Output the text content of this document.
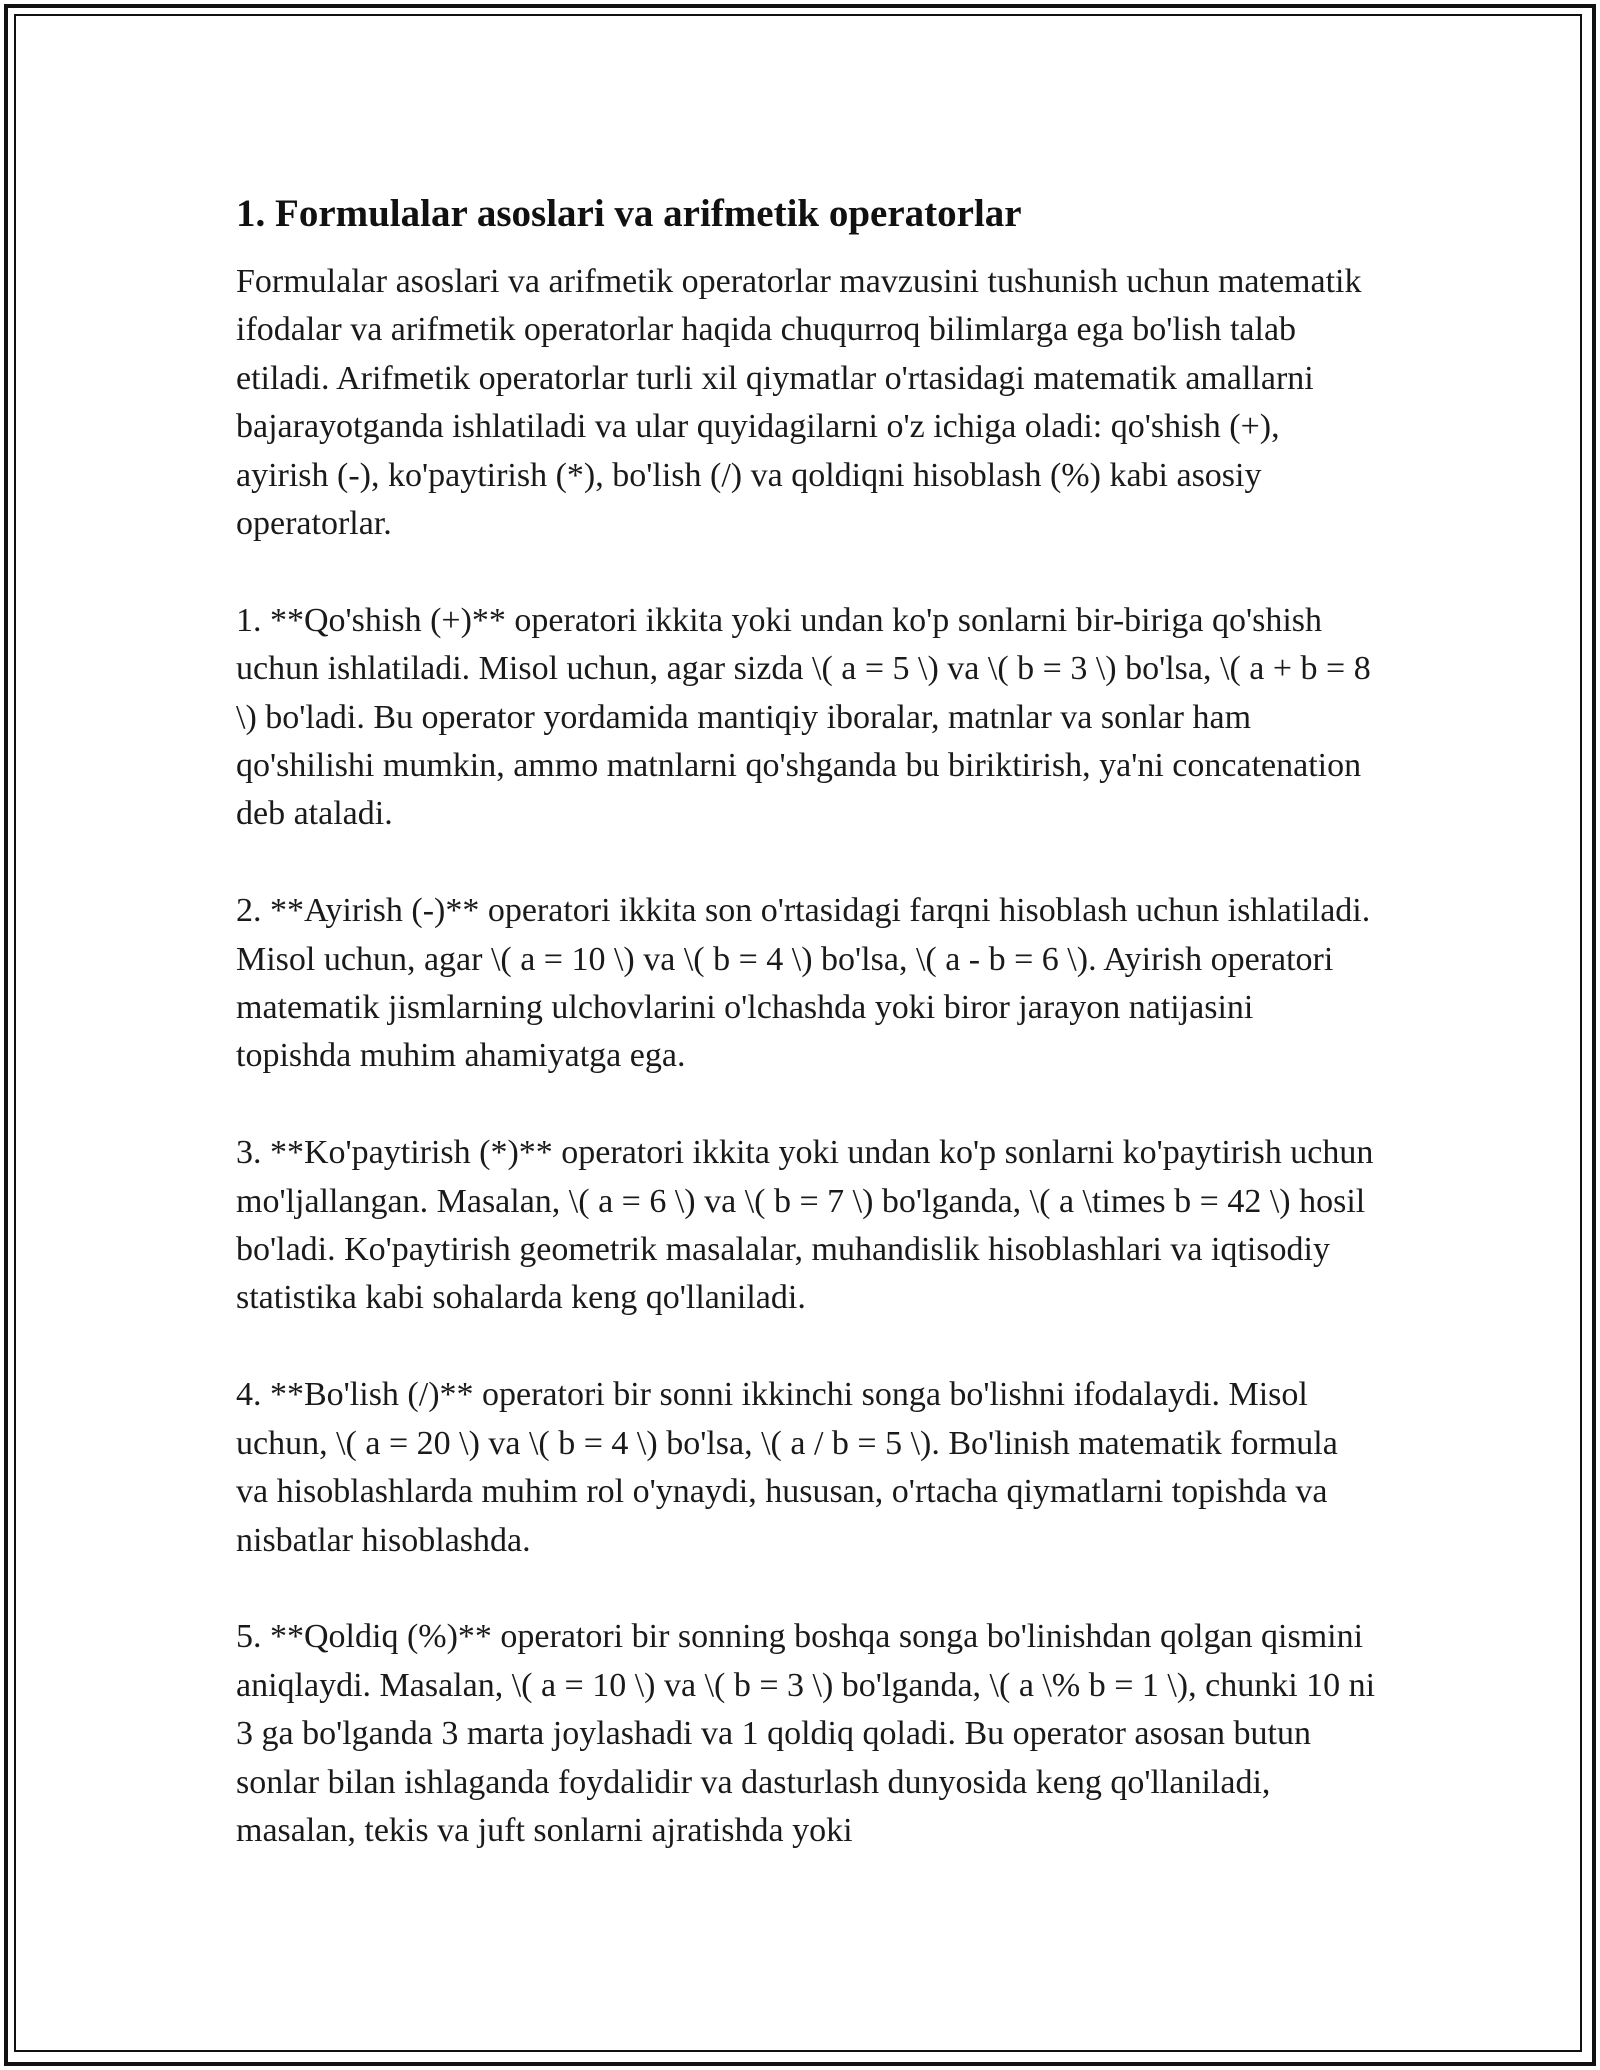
1. Formulalar asoslari va arifmetik operatorlar

Formulalar asoslari va arifmetik operatorlar mavzusini tushunish uchun matematik ifodalar va arifmetik operatorlar haqida chuqurroq bilimlarga ega bo'lish talab etiladi. Arifmetik operatorlar turli xil qiymatlar o'rtasidagi matematik amallarni bajarayotganda ishlatiladi va ular quyidagilarni o'z ichiga oladi: qo'shish (+), ayirish (-), ko'paytirish (*), bo'lish (/) va qoldiqni hisoblash (%) kabi asosiy operatorlar.

1. **Qo'shish (+)** operatori ikkita yoki undan ko'p sonlarni bir-biriga qo'shish uchun ishlatiladi. Misol uchun, agar sizda \( a = 5 \) va \( b = 3 \) bo'lsa, \( a + b = 8 \) bo'ladi. Bu operator yordamida mantiqiy iboralar, matnlar va sonlar ham qo'shilishi mumkin, ammo matnlarni qo'shganda bu biriktirish, ya'ni concatenation deb ataladi.

2. **Ayirish (-)** operatori ikkita son o'rtasidagi farqni hisoblash uchun ishlatiladi. Misol uchun, agar \( a = 10 \) va \( b = 4 \) bo'lsa, \( a - b = 6 \). Ayirish operatori matematik jismlarning ulchovlarini o'lchashda yoki biror jarayon natijasini topishda muhim ahamiyatga ega.

3. **Ko'paytirish (*)** operatori ikkita yoki undan ko'p sonlarni ko'paytirish uchun mo'ljallangan. Masalan, \( a = 6 \) va \( b = 7 \) bo'lganda, \( a \times b = 42 \) hosil bo'ladi. Ko'paytirish geometrik masalalar, muhandislik hisoblashlari va iqtisodiy statistika kabi sohalarda keng qo'llaniladi.

4. **Bo'lish (/)** operatori bir sonni ikkinchi songa bo'lishni ifodalaydi. Misol uchun, \( a = 20 \) va \( b = 4 \) bo'lsa, \( a / b = 5 \). Bo'linish matematik formula va hisoblashlarda muhim rol o'ynaydi, hususan, o'rtacha qiymatlarni topishda va nisbatlar hisoblashda.

5. **Qoldiq (%)** operatori bir sonning boshqa songa bo'linishdan qolgan qismini aniqlaydi. Masalan, \( a = 10 \) va \( b = 3 \) bo'lganda, \( a \% b = 1 \), chunki 10 ni 3 ga bo'lganda 3 marta joylashadi va 1 qoldiq qoladi. Bu operator asosan butun sonlar bilan ishlaganda foydalidir va dasturlash dunyosida keng qo'llaniladi, masalan, tekis va juft sonlarni ajratishda yoki
